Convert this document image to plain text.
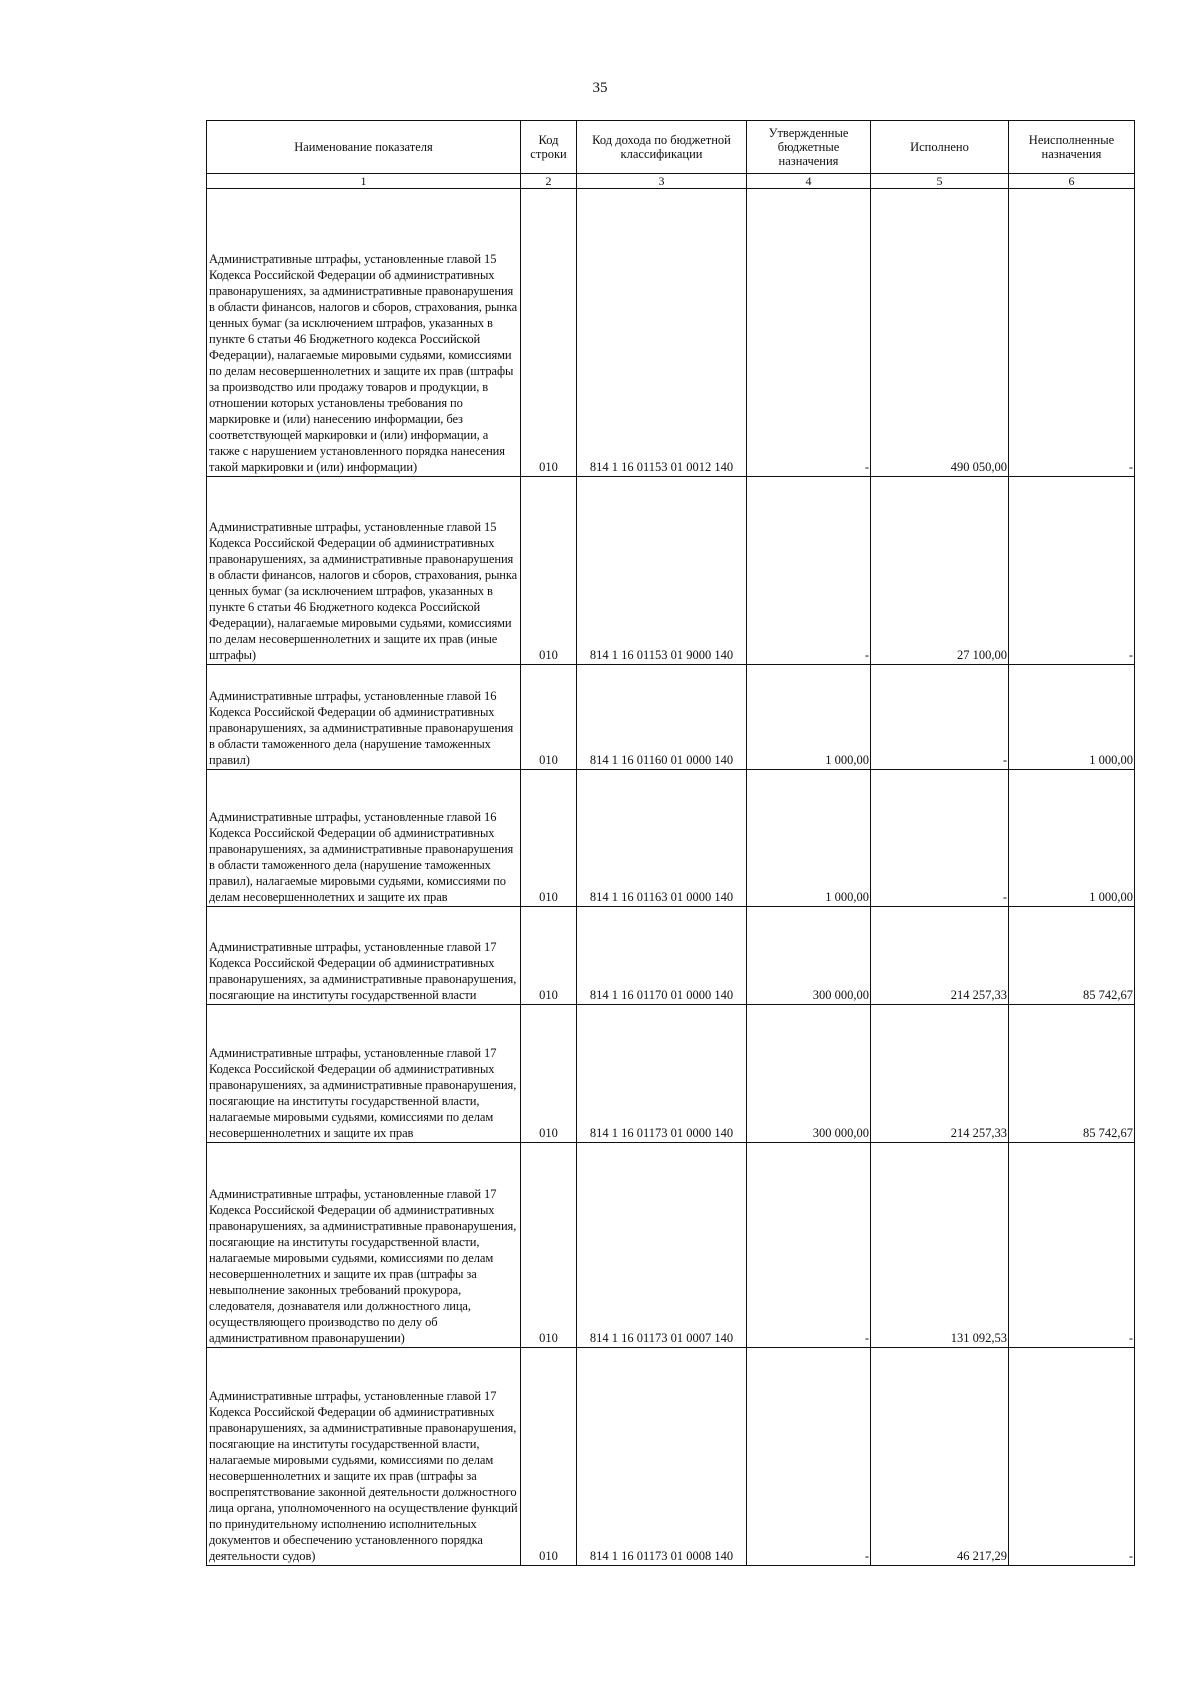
35
Наименование показателя	Код строки	Код дохода по бюджетной классификации	Утвержденные бюджетные назначения	Исполнено	Неисполненные назначения
1	2	3	4	5	6
Административные штрафы, установленные главой 15 Кодекса Российской Федерации об административных правонарушениях, за административные правонарушения в области финансов, налогов и сборов, страхования, рынка ценных бумаг (за исключением штрафов, указанных в пункте 6 статьи 46 Бюджетного кодекса Российской Федерации), налагаемые мировыми судьями, комиссиями по делам несовершеннолетних и защите их прав (штрафы за производство или продажу товаров и продукции, в отношении которых установлены требования по маркировке и (или) нанесению информации, без соответствующей маркировки и (или) информации, а также с нарушением установленного порядка нанесения такой маркировки и (или) информации)	010	814 1 16 01153 01 0012 140	-	490 050,00	-
Административные штрафы, установленные главой 15 Кодекса Российской Федерации об административных правонарушениях, за административные правонарушения в области финансов, налогов и сборов, страхования, рынка ценных бумаг (за исключением штрафов, указанных в пункте 6 статьи 46 Бюджетного кодекса Российской Федерации), налагаемые мировыми судьями, комиссиями по делам несовершеннолетних и защите их прав (иные штрафы)	010	814 1 16 01153 01 9000 140	-	27 100,00	-
Административные штрафы, установленные главой 16 Кодекса Российской Федерации об административных правонарушениях, за административные правонарушения в области таможенного дела (нарушение таможенных правил)	010	814 1 16 01160 01 0000 140	1 000,00	-	1 000,00
Административные штрафы, установленные главой 16 Кодекса Российской Федерации об административных правонарушениях, за административные правонарушения в области таможенного дела (нарушение таможенных правил), налагаемые мировыми судьями, комиссиями по делам несовершеннолетних и защите их прав	010	814 1 16 01163 01 0000 140	1 000,00	-	1 000,00
Административные штрафы, установленные главой 17 Кодекса Российской Федерации об административных правонарушениях, за административные правонарушения, посягающие на институты государственной власти	010	814 1 16 01170 01 0000 140	300 000,00	214 257,33	85 742,67
Административные штрафы, установленные главой 17 Кодекса Российской Федерации об административных правонарушениях, за административные правонарушения, посягающие на институты государственной власти, налагаемые мировыми судьями, комиссиями по делам несовершеннолетних и защите их прав	010	814 1 16 01173 01 0000 140	300 000,00	214 257,33	85 742,67
Административные штрафы, установленные главой 17 Кодекса Российской Федерации об административных правонарушениях, за административные правонарушения, посягающие на институты государственной власти, налагаемые мировыми судьями, комиссиями по делам несовершеннолетних и защите их прав (штрафы за невыполнение законных требований прокурора, следователя, дознавателя или должностного лица, осуществляющего производство по делу об административном правонарушении)	010	814 1 16 01173 01 0007 140	-	131 092,53	-
Административные штрафы, установленные главой 17 Кодекса Российской Федерации об административных правонарушениях, за административные правонарушения, посягающие на институты государственной власти, налагаемые мировыми судьями, комиссиями по делам несовершеннолетних и защите их прав (штрафы за воспрепятствование законной деятельности должностного лица органа, уполномоченного на осуществление функций по принудительному исполнению исполнительных документов и обеспечению установленного порядка деятельности судов)	010	814 1 16 01173 01 0008 140	-	46 217,29	-
